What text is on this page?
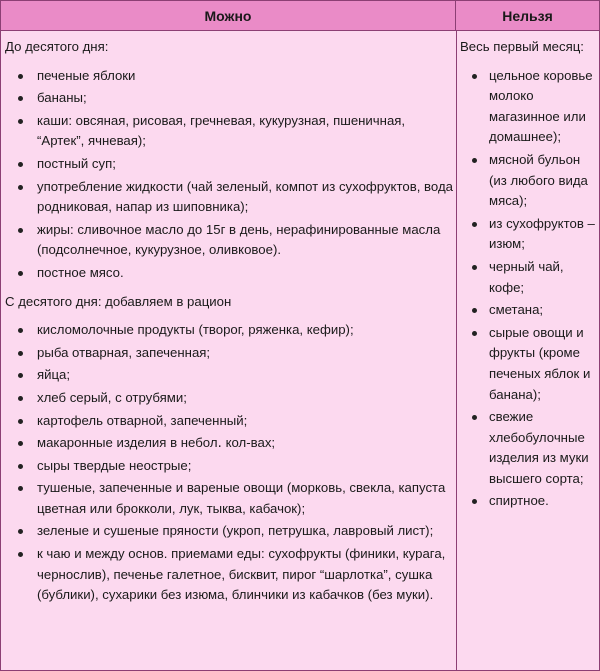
Можно	Нельзя
До десятого дня:
печеные яблоки
бананы;
каши: овсяная, рисовая, гречневая, кукурузная, пшеничная, “Артек”, ячневая);
постный суп;
употребление жидкости (чай зеленый, компот из сухофруктов, вода родниковая, напар из шиповника);
жиры: сливочное масло до 15г в день, нерафинированные масла (подсолнечное, кукурузное, оливковое).
постное мясо.
С десятого дня: добавляем в рацион
кисломолочные продукты (творог, ряженка, кефир);
рыба отварная, запеченная;
яйца;
хлеб серый, с отрубями;
картофель отварной, запеченный;
макаронные изделия в небол․ кол-вах;
сыры твердые неострые;
тушеные, запеченные и вареные овощи (морковь, свекла, капуста цветная или брокколи, лук, тыква, кабачок);
зеленые и сушеные пряности (укроп, петрушка, лавровый лист);
к чаю и между основ. приемами еды: сухофрукты (финики, курага, чернослив), печенье галетное, бисквит, пирог “шарлотка”, сушка (бублики), сухарики без изюма, блинчики из кабачков (без муки).
Весь первый месяц:
цельное коровье молоко магазинное или домашнее);
мясной бульон (из любого вида мяса);
из сухофруктов – изюм;
черный чай, кофе;
сметана;
сырые овощи и фрукты (кроме печеных яблок и банана);
свежие хлебобулочные изделия из муки высшего сорта;
спиртное.
